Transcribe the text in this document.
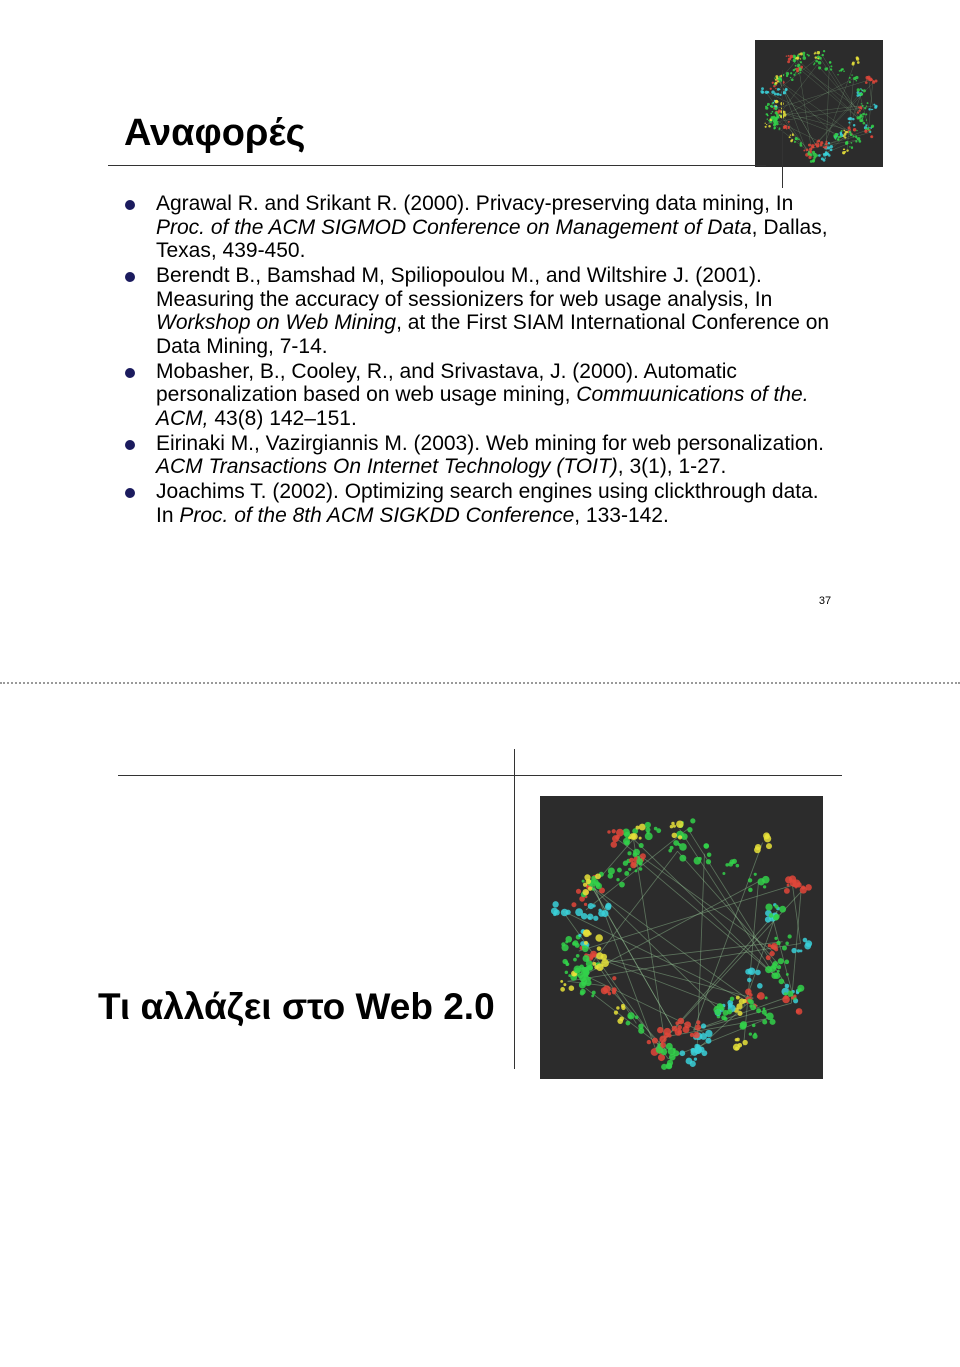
Αναφορές
Agrawal R. and Srikant R. (2000). Privacy-preserving data mining, In Proc. of the ACM SIGMOD Conference on Management of Data, Dallas, Texas, 439-450.
Berendt B., Bamshad M, Spiliopoulou M., and Wiltshire J. (2001). Measuring the accuracy of sessionizers for web usage analysis, In Workshop on Web Mining, at the First SIAM International Conference on Data Mining, 7-14.
Mobasher, B., Cooley, R., and Srivastava, J. (2000). Automatic personalization based on web usage mining, Commuunications of the. ACM, 43(8) 142–151.
Eirinaki M., Vazirgiannis M. (2003). Web mining for web personalization. ACM Transactions On Internet Technology (TOIT), 3(1), 1-27.
Joachims T. (2002). Optimizing search engines using clickthrough data. In Proc. of the 8th ACM SIGKDD Conference, 133-142.
37
Τι αλλάζει στο Web 2.0
